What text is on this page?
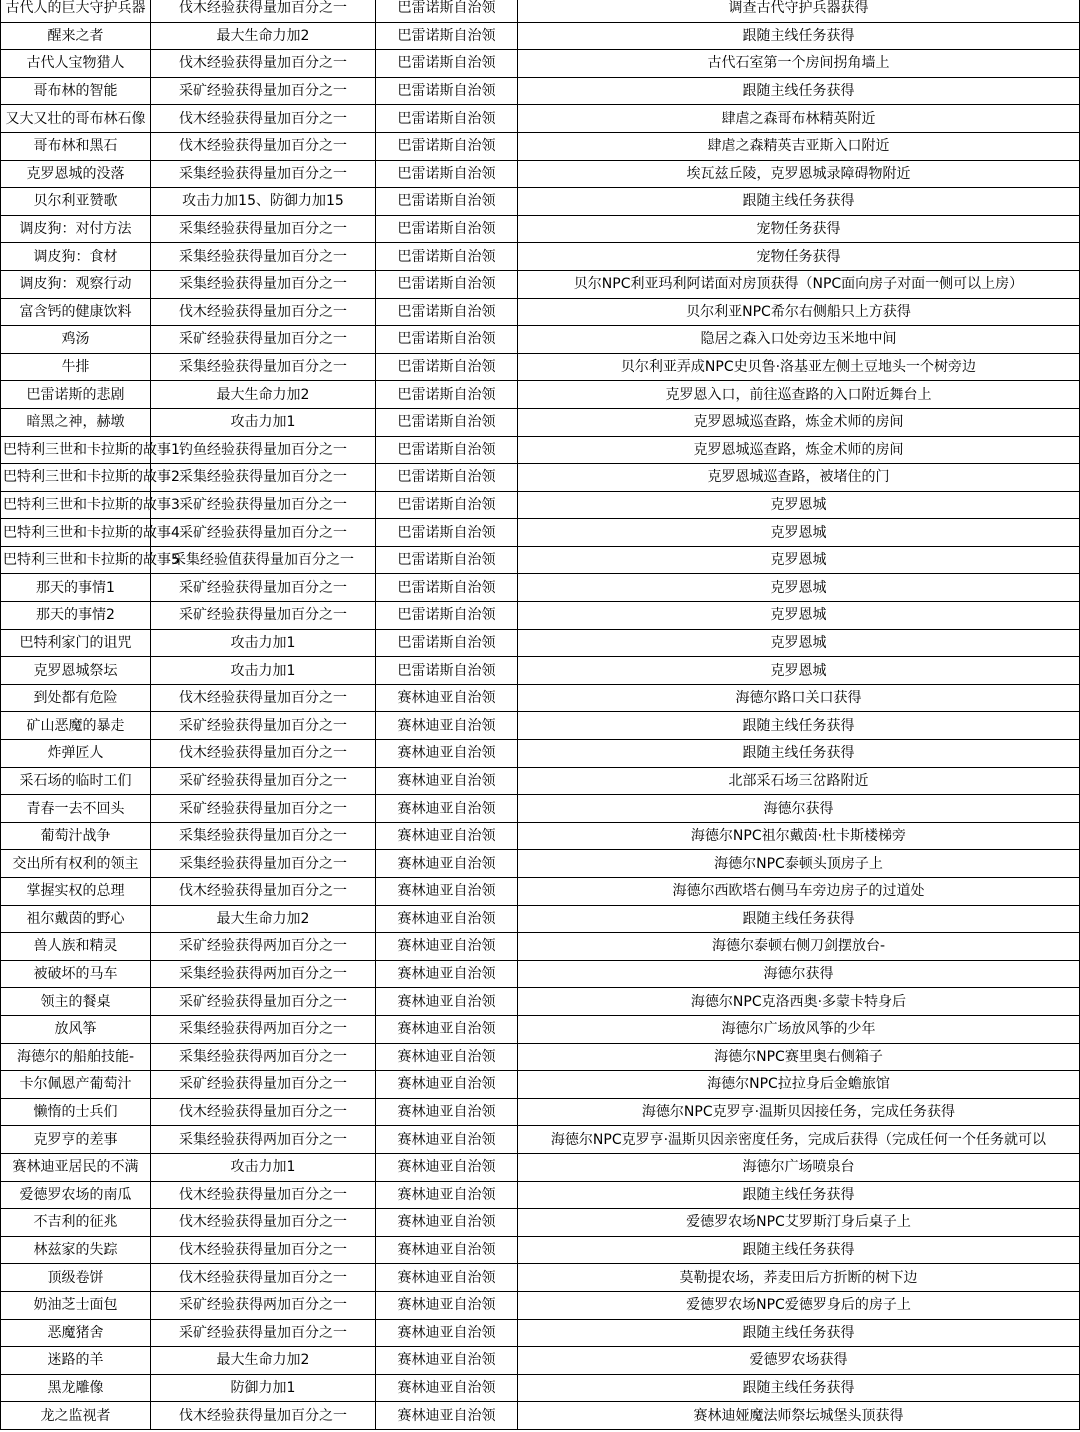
古代人的巨大守护兵器	伐木经验获得量加百分之一	巴雷诺斯自治领	调查古代守护兵器获得
醒来之者	最大生命力加2	巴雷诺斯自治领	跟随主线任务获得
古代人宝物猎人	伐木经验获得量加百分之一	巴雷诺斯自治领	古代石室第一个房间拐角墙上
哥布林的智能	采矿经验获得量加百分之一	巴雷诺斯自治领	跟随主线任务获得
又大又壮的哥布林石像	伐木经验获得量加百分之一	巴雷诺斯自治领	肆虐之森哥布林精英附近
哥布林和黑石	伐木经验获得量加百分之一	巴雷诺斯自治领	肆虐之森精英吉亚斯入口附近
克罗恩城的没落	采集经验获得量加百分之一	巴雷诺斯自治领	埃瓦兹丘陵，克罗恩城录障碍物附近
贝尔利亚赞歌	攻击力加15、防御力加15	巴雷诺斯自治领	跟随主线任务获得
调皮狗：对付方法	采集经验获得量加百分之一	巴雷诺斯自治领	宠物任务获得
调皮狗：食材	采集经验获得量加百分之一	巴雷诺斯自治领	宠物任务获得
调皮狗：观察行动	采集经验获得量加百分之一	巴雷诺斯自治领	贝尔NPC利亚玛利阿诺面对房顶获得（NPC面向房子对面一侧可以上房）
富含钙的健康饮料	伐木经验获得量加百分之一	巴雷诺斯自治领	贝尔利亚NPC希尔右侧船只上方获得
鸡汤	采矿经验获得量加百分之一	巴雷诺斯自治领	隐居之森入口处旁边玉米地中间
牛排	采集经验获得量加百分之一	巴雷诺斯自治领	贝尔利亚弄成NPC史贝鲁·洛基亚左侧土豆地头一个树旁边
巴雷诺斯的悲剧	最大生命力加2	巴雷诺斯自治领	克罗恩入口，前往巡查路的入口附近舞台上
暗黑之神，赫墩	攻击力加1	巴雷诺斯自治领	克罗恩城巡查路，炼金术师的房间
巴特利三世和卡拉斯的故事1	钓鱼经验获得量加百分之一	巴雷诺斯自治领	克罗恩城巡查路，炼金术师的房间
巴特利三世和卡拉斯的故事2	采集经验获得量加百分之一	巴雷诺斯自治领	克罗恩城巡查路，被堵住的门
巴特利三世和卡拉斯的故事3	采矿经验获得量加百分之一	巴雷诺斯自治领	克罗恩城
巴特利三世和卡拉斯的故事4	采矿经验获得量加百分之一	巴雷诺斯自治领	克罗恩城
巴特利三世和卡拉斯的故事5	采集经验值获得量加百分之一	巴雷诺斯自治领	克罗恩城
那天的事情1	采矿经验获得量加百分之一	巴雷诺斯自治领	克罗恩城
那天的事情2	采矿经验获得量加百分之一	巴雷诺斯自治领	克罗恩城
巴特利家门的诅咒	攻击力加1	巴雷诺斯自治领	克罗恩城
克罗恩城祭坛	攻击力加1	巴雷诺斯自治领	克罗恩城
到处都有危险	伐木经验获得量加百分之一	赛林迪亚自治领	海德尔路口关口获得
矿山恶魔的暴走	采矿经验获得量加百分之一	赛林迪亚自治领	跟随主线任务获得
炸弹匠人	伐木经验获得量加百分之一	赛林迪亚自治领	跟随主线任务获得
采石场的临时工们	采矿经验获得量加百分之一	赛林迪亚自治领	北部采石场三岔路附近
青春一去不回头	采矿经验获得量加百分之一	赛林迪亚自治领	海德尔获得
葡萄汁战争	采集经验获得量加百分之一	赛林迪亚自治领	海德尔NPC祖尔戴茵·杜卡斯楼梯旁
交出所有权利的领主	采集经验获得量加百分之一	赛林迪亚自治领	海德尔NPC泰顿头顶房子上
掌握实权的总理	伐木经验获得量加百分之一	赛林迪亚自治领	海德尔西欧塔右侧马车旁边房子的过道处
祖尔戴茵的野心	最大生命力加2	赛林迪亚自治领	跟随主线任务获得
兽人族和精灵	采矿经验获得两加百分之一	赛林迪亚自治领	海德尔泰顿右侧刀剑摆放台-
被破坏的马车	采集经验获得两加百分之一	赛林迪亚自治领	海德尔获得
领主的餐桌	采矿经验获得量加百分之一	赛林迪亚自治领	海德尔NPC克洛西奥·多蒙卡特身后
放风筝	采集经验获得两加百分之一	赛林迪亚自治领	海德尔广场放风筝的少年
海德尔的船舶技能-	采集经验获得两加百分之一	赛林迪亚自治领	海德尔NPC赛里奥右侧箱子
卡尔佩恩产葡萄汁	采矿经验获得量加百分之一	赛林迪亚自治领	海德尔NPC拉拉身后金蟾旅馆
懒惰的士兵们	伐木经验获得量加百分之一	赛林迪亚自治领	海德尔NPC克罗亨·温斯贝因接任务，完成任务获得
克罗亨的差事	采集经验获得两加百分之一	赛林迪亚自治领	海德尔NPC克罗亨·温斯贝因亲密度任务，完成后获得（完成任何一个任务就可以
赛林迪亚居民的不满	攻击力加1	赛林迪亚自治领	海德尔广场喷泉台
爱德罗农场的南瓜	伐木经验获得量加百分之一	赛林迪亚自治领	跟随主线任务获得
不吉利的征兆	伐木经验获得量加百分之一	赛林迪亚自治领	爱德罗农场NPC艾罗斯汀身后桌子上
林兹家的失踪	伐木经验获得量加百分之一	赛林迪亚自治领	跟随主线任务获得
顶级卷饼	伐木经验获得量加百分之一	赛林迪亚自治领	莫勒提农场，荞麦田后方折断的树下边
奶油芝士面包	采矿经验获得两加百分之一	赛林迪亚自治领	爱德罗农场NPC爱德罗身后的房子上
恶魔猪舍	采矿经验获得量加百分之一	赛林迪亚自治领	跟随主线任务获得
迷路的羊	最大生命力加2	赛林迪亚自治领	爱德罗农场获得
黑龙雕像	防御力加1	赛林迪亚自治领	跟随主线任务获得
龙之监视者	伐木经验获得量加百分之一	赛林迪亚自治领	赛林迪娅魔法师祭坛城堡头顶获得
